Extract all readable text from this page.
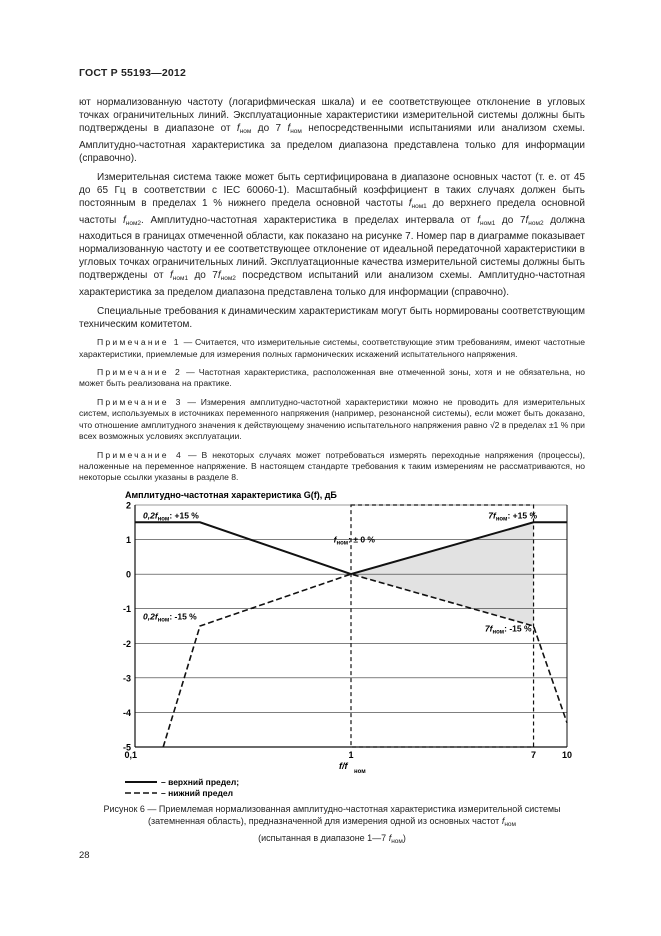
ГОСТ Р 55193—2012

ют нормализованную частоту (логарифмическая шкала) и ее соответствующее отклонение в угловых точках ограничительных линий. Эксплуатационные характеристики измерительной системы должны быть подтверждены в диапазоне от $f_{ном}$ до 7 $f_{ном}$ непосредственными испытаниями или анализом схемы. Амплитудно-частотная характеристика за пределом диапазона представлена только для информации (справочно).

Измерительная система также может быть сертифицирована в диапазоне основных частот (т. е. от 45 до 65 Гц в соответствии с IEC 60060-1). Масштабный коэффициент в таких случаях должен быть постоянным в пределах 1 % нижнего предела основной частоты $f_{ном1}$ до верхнего предела основной частоты $f_{ном2}$. Амплитудно-частотная характеристика в пределах интервала от $f_{ном1}$ до $7f_{ном2}$ должна находиться в границах отмеченной области, как показано на рисунке 7. Номер пар в диаграмме показывает нормализованную частоту и ее соответствующее отклонение от идеальной передаточной характеристики в угловых точках ограничительных линий. Эксплуатационные качества измерительной системы должны быть подтверждены от $f_{ном1}$ до $7f_{ном2}$ посредством испытаний или анализом схемы. Амплитудно-частотная характеристика за пределом диапазона представлена только для информации (справочно).

Специальные требования к динамическим характеристикам могут быть нормированы соответствующим техническим комитетом.

Примечание 1 — Считается, что измерительные системы, соответствующие этим требованиям, имеют частотные характеристики, приемлемые для измерения полных гармонических искажений испытательного напряжения.
Примечание 2 — Частотная характеристика, расположенная вне отмеченной зоны, хотя и не обязательна, но может быть реализована на практике.
Примечание 3 — Измерения амплитудно-частотной характеристики можно не проводить для измерительных систем, используемых в источниках переменного напряжения (например, резонансной системы), если может быть доказано, что отношение амплитудного значения к действующему значению испытательного напряжения равно √2 в пределах ±1 % при всех возможных условиях эксплуатации.
Примечание 4 — В некоторых случаях может потребоваться измерять переходные напряжения (процессы), наложенные на переменное напряжение. В настоящем стандарте требования к таким измерениям не рассматриваются, но некоторые ссылки указаны в разделе 8.
Амплитудно-частотная характеристика G(f), дБ
2
1
0
-1
-2
-3
-4
-5
0,1	1	7	10
f/f
ном
$0,2f_{ном}$: +15 %	$7f_{ном}$: +15 %
$f_{ном}$: ± 0 %
$0,2f_{ном}$: -15 %
$7f_{ном}$: -15 %
– верхний предел;
– нижний предел
Рисунок 6 — Приемлемая нормализованная амплитудно-частотная характеристика измерительной системы (затемненная область), предназначенной для измерения одной из основных частот $f_{ном}$
(испытанная в диапазоне 1—7 $f_{ном}$)
28
